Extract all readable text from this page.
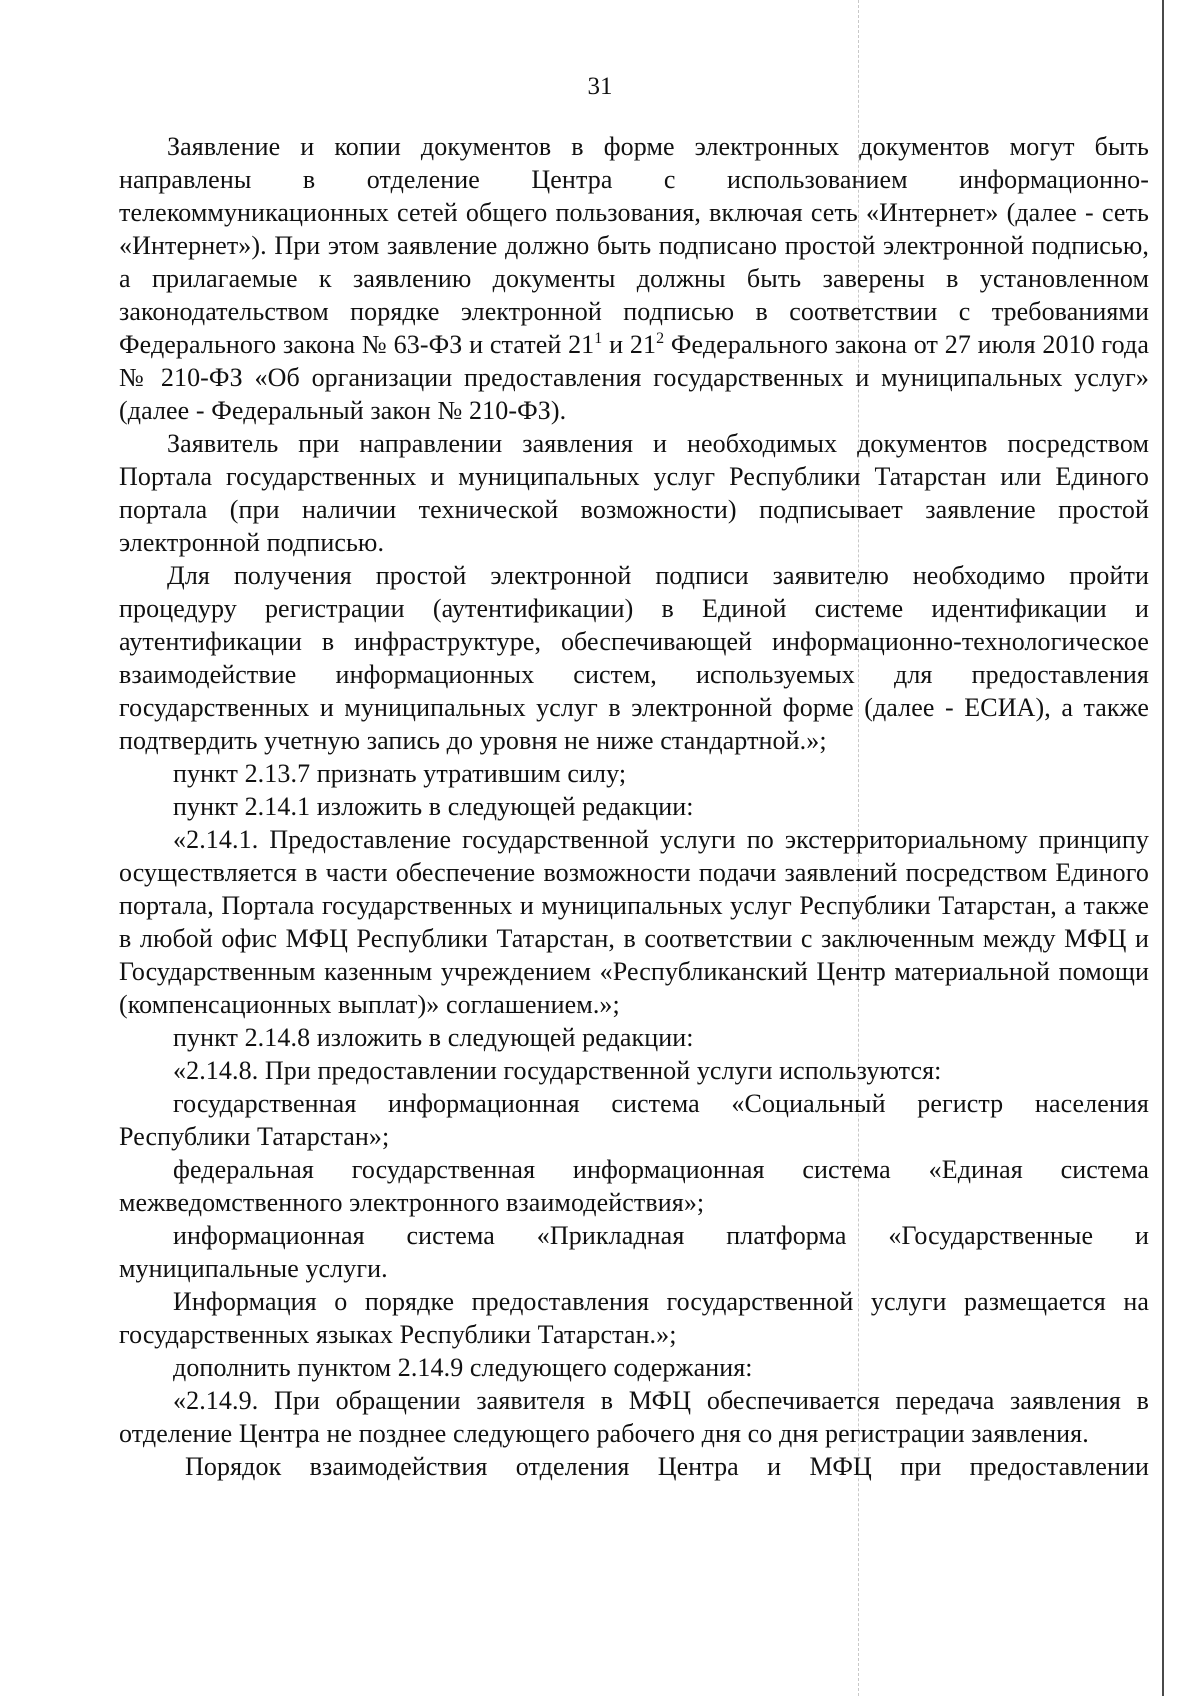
31

Заявление и копии документов в форме электронных документов могут быть направлены в отделение Центра с использованием информационно-телекоммуникационных сетей общего пользования, включая сеть «Интернет» (далее - сеть «Интернет»). При этом заявление должно быть подписано простой электронной подписью, а прилагаемые к заявлению документы должны быть заверены в установленном законодательством порядке электронной подписью в соответствии с требованиями Федерального закона № 63-ФЗ и статей $21^1$ и $21^2$ Федерального закона от 27 июля 2010 года № 210-ФЗ «Об организации предоставления государственных и муниципальных услуг» (далее - Федеральный закон № 210-ФЗ).

Заявитель при направлении заявления и необходимых документов посредством Портала государственных и муниципальных услуг Республики Татарстан или Единого портала (при наличии технической возможности) подписывает заявление простой электронной подписью.

Для получения простой электронной подписи заявителю необходимо пройти процедуру регистрации (аутентификации) в Единой системе идентификации и аутентификации в инфраструктуре, обеспечивающей информационно-технологическое взаимодействие информационных систем, используемых для предоставления государственных и муниципальных услуг в электронной форме (далее - ЕСИА), а также подтвердить учетную запись до уровня не ниже стандартной.»;

пункт 2.13.7 признать утратившим силу;

пункт 2.14.1 изложить в следующей редакции:

«2.14.1. Предоставление государственной услуги по экстерриториальному принципу осуществляется в части обеспечение возможности подачи заявлений посредством Единого портала, Портала государственных и муниципальных услуг Республики Татарстан, а также в любой офис МФЦ Республики Татарстан, в соответствии с заключенным между МФЦ и Государственным казенным учреждением «Республиканский Центр материальной помощи (компенсационных выплат)» соглашением.»;

пункт 2.14.8 изложить в следующей редакции:

«2.14.8. При предоставлении государственной услуги используются:

государственная информационная система «Социальный регистр населения Республики Татарстан»;

федеральная государственная информационная система «Единая система межведомственного электронного взаимодействия»;

информационная система «Прикладная платформа «Государственные и муниципальные услуги.

Информация о порядке предоставления государственной услуги размещается на государственных языках Республики Татарстан.»;

дополнить пунктом 2.14.9 следующего содержания:

«2.14.9. При обращении заявителя в МФЦ обеспечивается передача заявления в отделение Центра не позднее следующего рабочего дня со дня регистрации заявления.

Порядок взаимодействия отделения Центра и МФЦ при предоставлении
